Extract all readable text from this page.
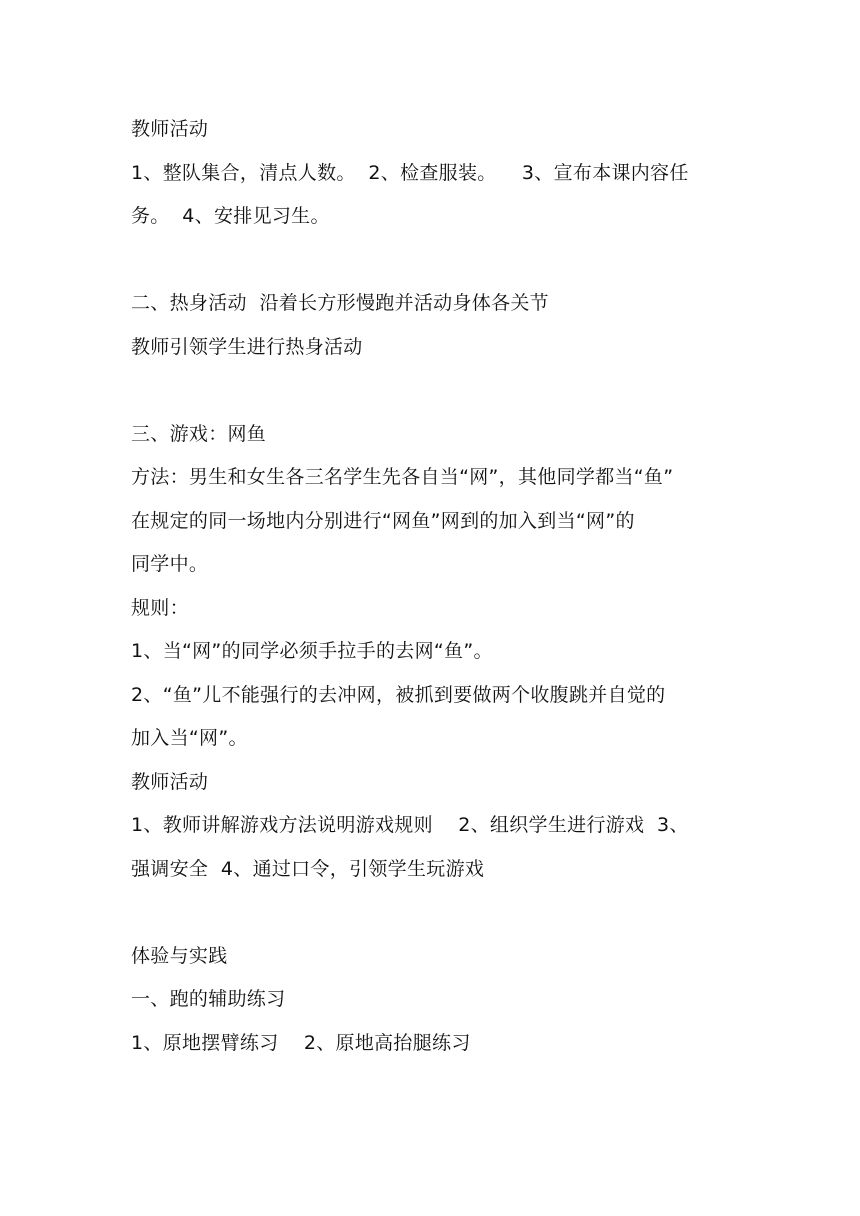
教师活动
1、整队集合，清点人数。  2、检查服装。    3、宣布本课内容任
务。  4、安排见习生。
二、热身活动  沿着长方形慢跑并活动身体各关节
教师引领学生进行热身活动
三、游戏：网鱼
方法：男生和女生各三名学生先各自当“网”，其他同学都当“鱼”
在规定的同一场地内分别进行“网鱼”网到的加入到当“网”的
同学中。
规则：
1、当“网”的同学必须手拉手的去网“鱼”。
2、“鱼”儿不能强行的去冲网，被抓到要做两个收腹跳并自觉的
加入当“网”。
教师活动
1、教师讲解游戏方法说明游戏规则    2、组织学生进行游戏  3、
强调安全  4、通过口令，引领学生玩游戏
体验与实践
一、跑的辅助练习
1、原地摆臂练习    2、原地高抬腿练习
